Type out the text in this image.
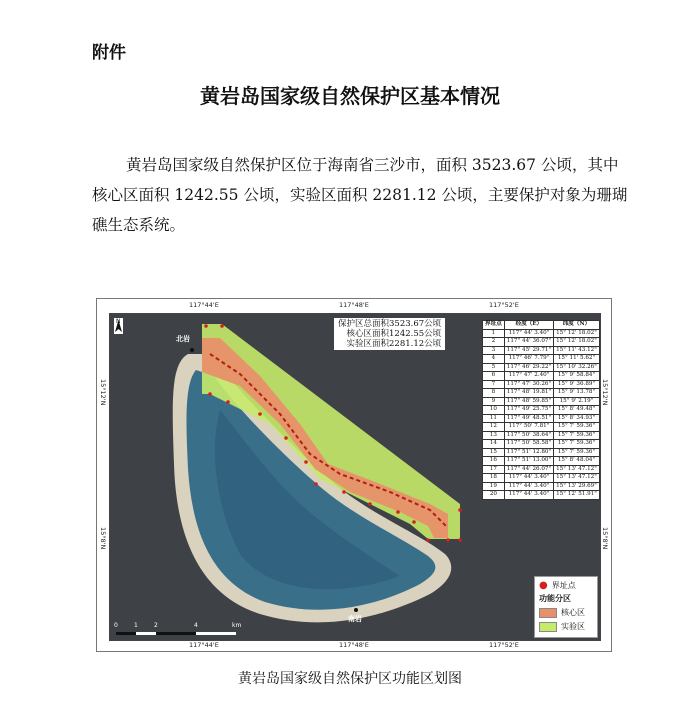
附件
黄岩岛国家级自然保护区基本情况
黄岩岛国家级自然保护区位于海南省三沙市，面积 3523.67 公顷，其中核心区面积 1242.55 公顷，实验区面积 2281.12 公顷，主要保护对象为珊瑚礁生态系统。
117°44'E	117°48'E	117°52'E
117°44'E	117°48'E	117°52'E
15°12'N
15°8'N
15°12'N
15°8'N
北岩
南岩
N
0	1	2	4	km
保护区总面积3523.67公顷
核心区面积1242.55公顷
实验区面积2281.12公顷
界址点	经度（E）	纬度（N）
1	117° 44' 3.40"	15° 12' 18.02"
2	117° 44' 36.07"	15° 12' 18.02"
3	117° 45' 29.71"	15° 11' 43.12"
4	117° 46' 7.79"	15° 11' 5.62"
5	117° 46' 29.22"	15° 10' 32.26"
6	117° 47' 2.40"	15° 9' 58.84"
7	117° 47' 30.26"	15° 9' 36.89"
8	117° 48' 19.81"	15° 9' 13.78"
9	117° 48' 59.85"	15° 9' 2.19"
10	117° 49' 25.75"	15° 8' 49.48"
11	117° 49' 48.51"	15° 8' 34.93"
12	117° 50' 7.81"	15° 7' 59.36"
13	117° 50' 38.64"	15° 7' 59.36"
14	117° 50' 58.58"	15° 7' 59.36"
15	117° 51' 12.80"	15° 7' 59.36"
16	117° 51' 13.00"	15° 8' 48.04"
17	117° 44' 26.07"	15° 13' 47.12"
18	117° 44' 3.40"	15° 13' 47.12"
19	117° 44' 3.40"	15° 13' 29.69"
20	117° 44' 3.40"	15° 12' 51.91"
● 界址点
功能分区
核心区
实验区
黄岩岛国家级自然保护区功能区划图
